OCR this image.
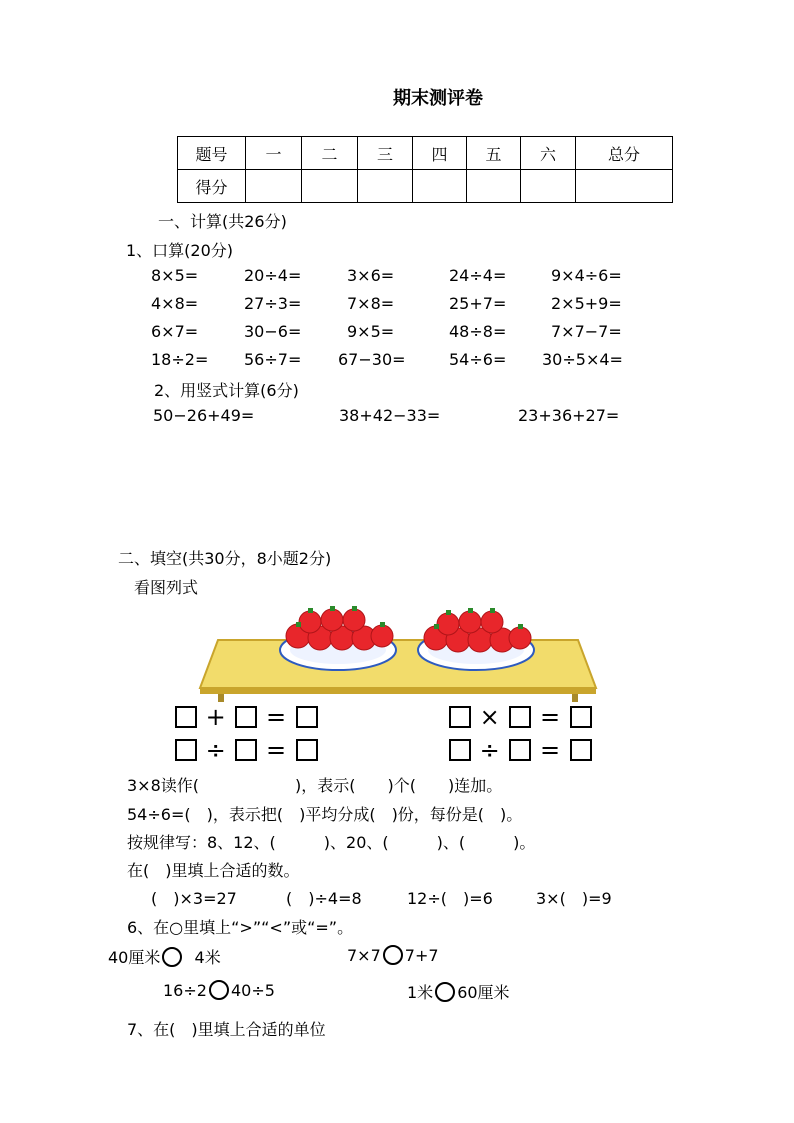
期末测评卷
题号	一	二	三	四	五	六	总分
得分							
一、计算(共26分)
1、口算(20分)
8×5=	20÷4=	3×6=	24÷4=	9×4÷6=
4×8=	27÷3=	7×8=	25+7=	2×5+9=
6×7=	30−6=	9×5=	48÷8=	7×7−7=
18÷2= 56÷7= 67−30=	54÷6= 30÷5×4=
2、用竖式计算(6分)
50−26+49=	38+42−33=	23+36+27=
二、填空(共30分，8小题2分)
看图列式
+ =
÷ =
× =
÷ =
3×8读作(　　　　　　)，表示(　　)个(　　)连加。
54÷6=(　)，表示把(　)平均分成(　)份，每份是(　)。
按规律写：8、12、(　　　)、20、(　　　)、(　　　)。
在(　)里填上合适的数。
(　)×3=27	(　)÷4=8	12÷(　)=6	3×(　)=9
6、在○里填上“>”“<”或“=”。
40厘米 4米	7×7 7+7
16÷2 40÷5	1米 60厘米
7、在(　)里填上合适的单位
